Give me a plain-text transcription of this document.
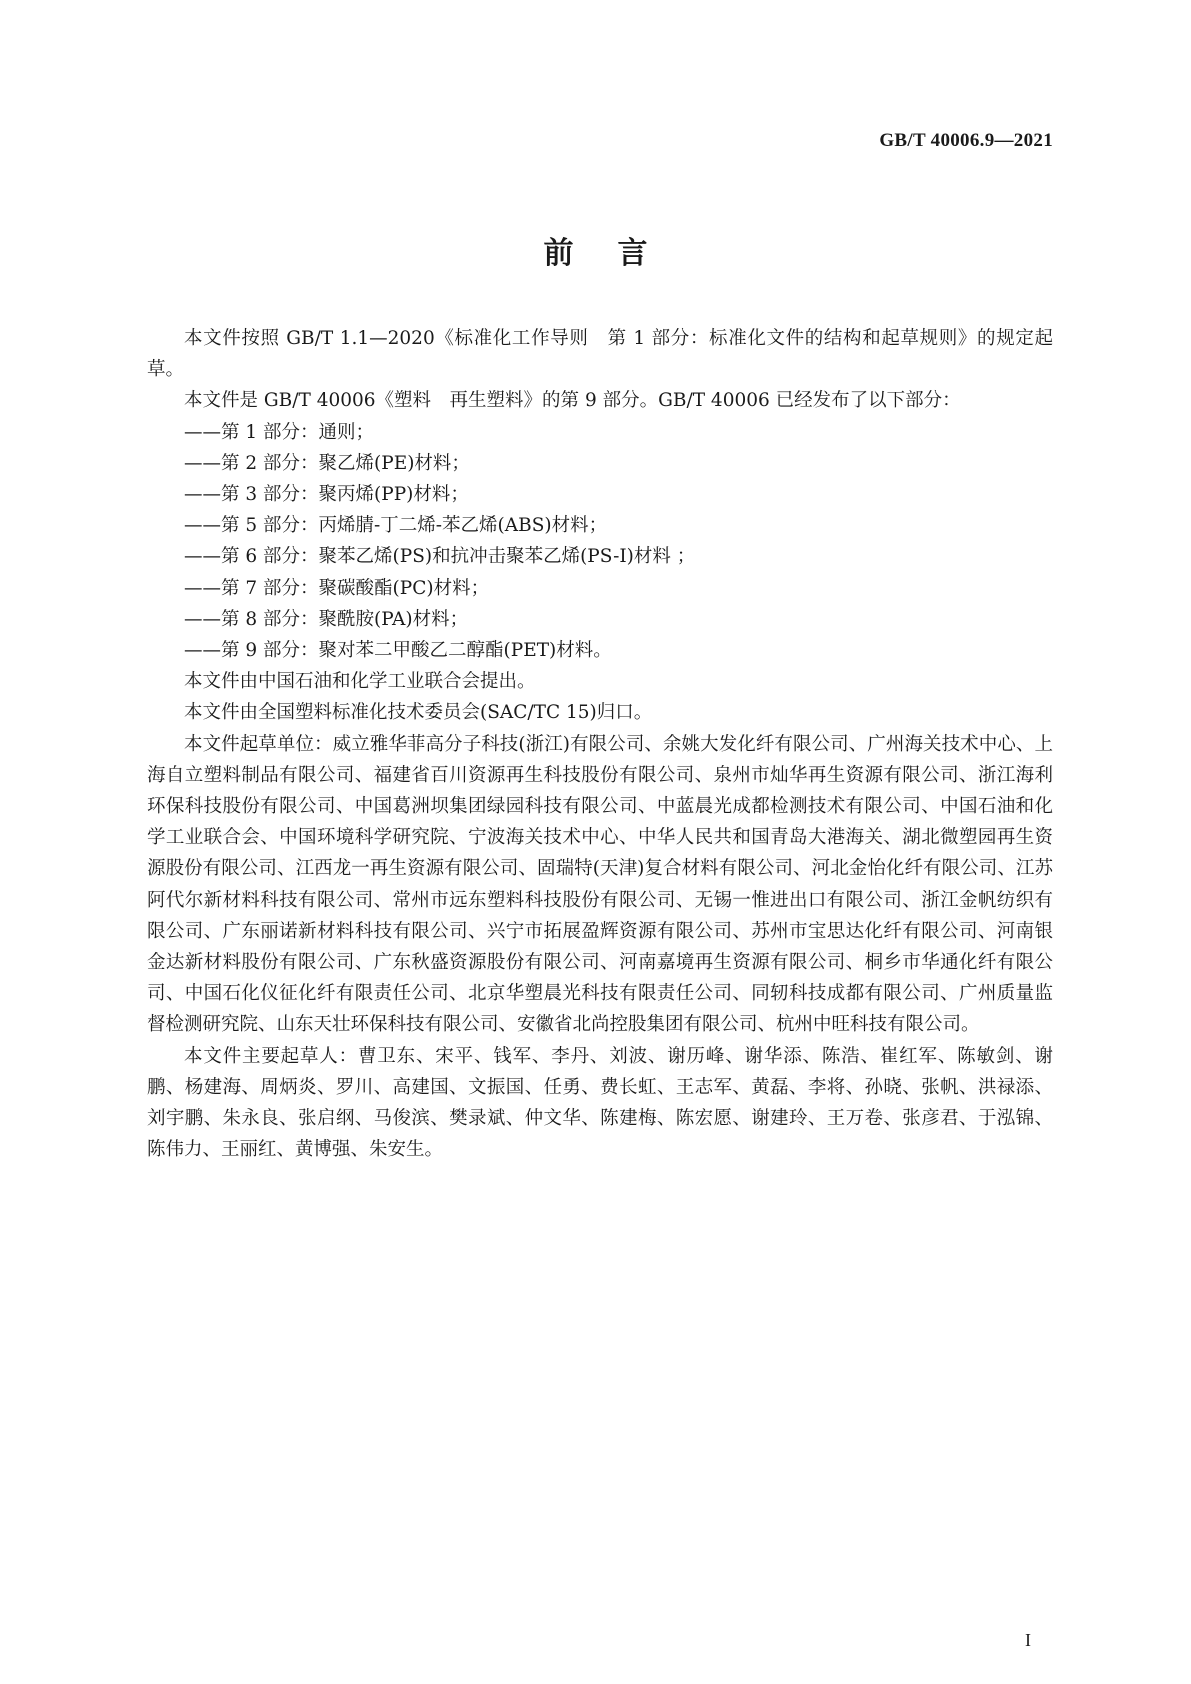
GB/T 40006.9—2021
前言

本文件按照 GB/T 1.1—2020《标准化工作导则　第 1 部分：标准化文件的结构和起草规则》的规定起草。

本文件是 GB/T 40006《塑料　再生塑料》的第 9 部分。GB/T 40006 已经发布了以下部分：

——第 1 部分：通则；
——第 2 部分：聚乙烯(PE)材料；
——第 3 部分：聚丙烯(PP)材料；
——第 5 部分：丙烯腈-丁二烯-苯乙烯(ABS)材料；
——第 6 部分：聚苯乙烯(PS)和抗冲击聚苯乙烯(PS-I)材料 ；
——第 7 部分：聚碳酸酯(PC)材料；
——第 8 部分：聚酰胺(PA)材料；
——第 9 部分：聚对苯二甲酸乙二醇酯(PET)材料。

本文件由中国石油和化学工业联合会提出。

本文件由全国塑料标准化技术委员会(SAC/TC 15)归口。

本文件起草单位：威立雅华菲高分子科技(浙江)有限公司、余姚大发化纤有限公司、广州海关技术中心、上海自立塑料制品有限公司、福建省百川资源再生科技股份有限公司、泉州市灿华再生资源有限公司、浙江海利环保科技股份有限公司、中国葛洲坝集团绿园科技有限公司、中蓝晨光成都检测技术有限公司、中国石油和化学工业联合会、中国环境科学研究院、宁波海关技术中心、中华人民共和国青岛大港海关、湖北微塑园再生资源股份有限公司、江西龙一再生资源有限公司、固瑞特(天津)复合材料有限公司、河北金怡化纤有限公司、江苏阿代尔新材料科技有限公司、常州市远东塑料科技股份有限公司、无锡一惟进出口有限公司、浙江金帆纺织有限公司、广东丽诺新材料科技有限公司、兴宁市拓展盈辉资源有限公司、苏州市宝思达化纤有限公司、河南银金达新材料股份有限公司、广东秋盛资源股份有限公司、河南嘉境再生资源有限公司、桐乡市华通化纤有限公司、中国石化仪征化纤有限责任公司、北京华塑晨光科技有限责任公司、同轫科技成都有限公司、广州质量监督检测研究院、山东天壮环保科技有限公司、安徽省北尚控股集团有限公司、杭州中旺科技有限公司。

本文件主要起草人：曹卫东、宋平、钱军、李丹、刘波、谢历峰、谢华添、陈浩、崔红军、陈敏剑、谢鹏、杨建海、周炳炎、罗川、高建国、文振国、任勇、费长虹、王志军、黄磊、李将、孙晓、张帆、洪禄添、刘宇鹏、朱永良、张启纲、马俊滨、樊录斌、仲文华、陈建梅、陈宏愿、谢建玲、王万卷、张彦君、于泓锦、陈伟力、王丽红、黄博强、朱安生。

I
